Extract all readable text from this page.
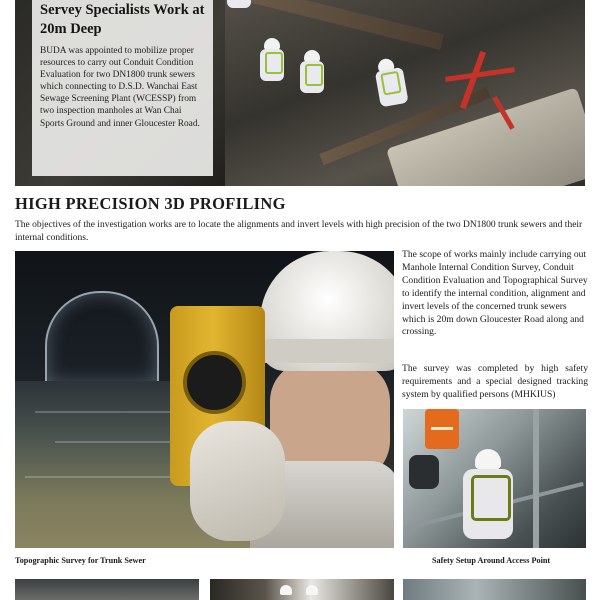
Servey Specialists Work at 20m Deep

BUDA was appointed to mobilize proper resources to carry out Conduit Condition Evaluation for two DN1800 trunk sewers which connecting to D.S.D. Wanchai East Sewage Screening Plant (WCESSP) from two inspection manholes at Wan Chai Sports Ground and inner Gloucester Road.

HIGH PRECISION 3D PROFILING

The objectives of the investigation works are to locate the alignments and invert levels with high precision of the two DN1800 trunk sewers and their internal conditions.

The scope of works mainly include carrying out Manhole Internal Condition Survey, Conduit Condition Evaluation and Topographical Survey to identify the internal condition, alignment and invert levels of the concerned trunk sewers which is 20m down Gloucester Road along and crossing.

The survey was completed by high safety requirements and a special designed tracking system by qualified persons (MHKIUS)

Topographic Survey for Trunk Sewer	Safety Setup Around Access Point
